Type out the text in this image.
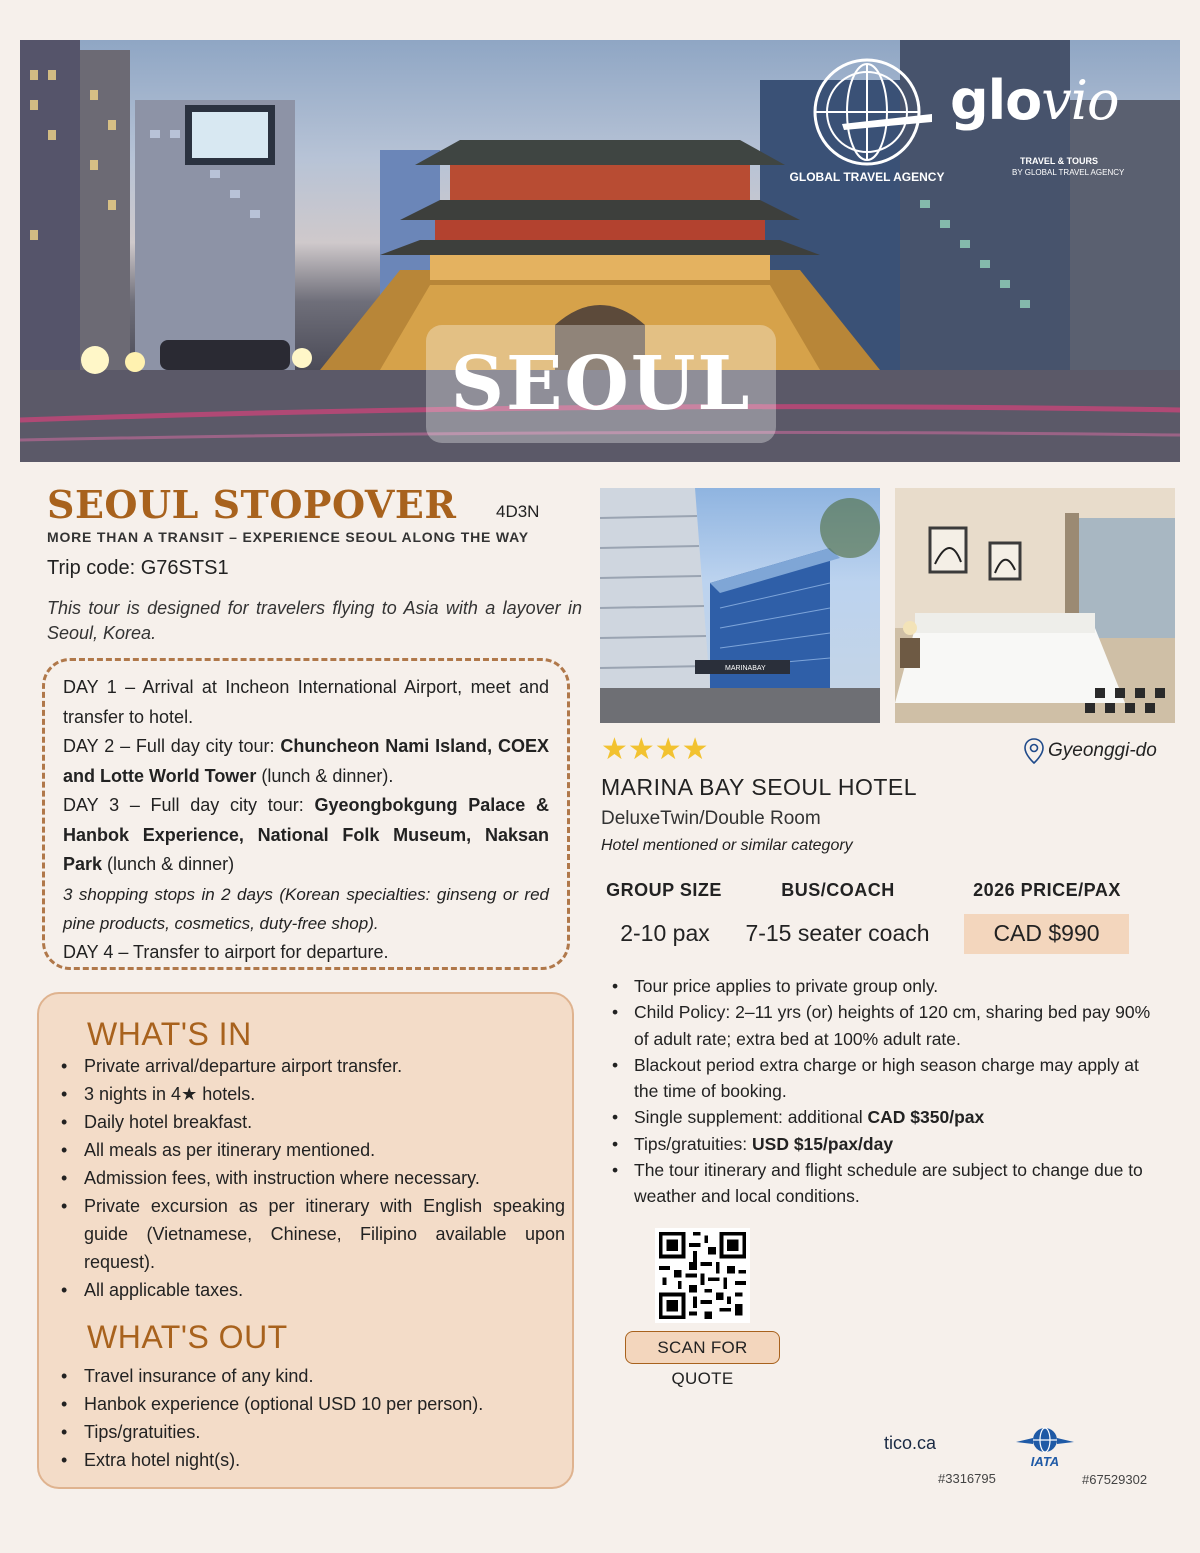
GLOBAL TRAVEL AGENCY
glovio
TRAVEL & TOURS
BY GLOBAL TRAVEL AGENCY
SEOUL
SEOUL STOPOVER 4D3N
MORE THAN A TRANSIT – EXPERIENCE SEOUL ALONG THE WAY
Trip code: G76STS1
This tour is designed for travelers flying to Asia with a layover in Seoul, Korea.

DAY 1 – Arrival at Incheon International Airport, meet and transfer to hotel.

DAY 2 – Full day city tour: Chuncheon Nami Island, COEX and Lotte World Tower (lunch & dinner).

DAY 3 – Full day city tour: Gyeongbokgung Palace & Hanbok Experience, National Folk Museum, Naksan Park (lunch & dinner)

3 shopping stops in 2 days (Korean specialties: ginseng or red pine products, cosmetics, duty-free shop).

DAY 4 – Transfer to airport for departure.

WHAT'S IN
• Private arrival/departure airport transfer.
• 3 nights in 4★ hotels.
• Daily hotel breakfast.
• All meals as per itinerary mentioned.
• Admission fees, with instruction where necessary.
• Private excursion as per itinerary with English speaking guide (Vietnamese, Chinese, Filipino available upon request).
• All applicable taxes.
WHAT'S OUT
• Travel insurance of any kind.
• Hanbok experience (optional USD 10 per person).
• Tips/gratuities.
• Extra hotel night(s).
MARINABAY
★★★★	Gyeonggi-do
MARINA BAY SEOUL HOTEL
DeluxeTwin/Double Room
Hotel mentioned or similar category
GROUP SIZE	BUS/COACH	2026 PRICE/PAX
2-10 pax	7-15 seater coach	CAD $990
• Tour price applies to private group only.
• Child Policy: 2–11 yrs (or) heights of 120 cm, sharing bed pay 90% of adult rate; extra bed at 100% adult rate.
• Blackout period extra charge or high season charge may apply at the time of booking.
• Single supplement: additional CAD $350/pax
• Tips/gratuities: USD $15/pax/day
• The tour itinerary and flight schedule are subject to change due to weather and local conditions.
SCAN FOR QUOTE
tico.ca
#3316795
IATA
#67529302
